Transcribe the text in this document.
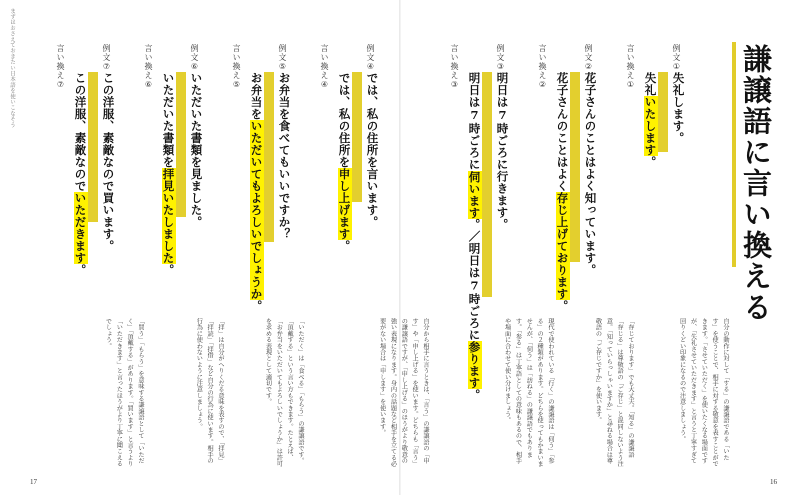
まずはおさえておきたい日本語を使いこなそう	謙譲語に言い換える
例文①
失礼します。
失礼いたします。
言い換え①
例文②
花子さんのことはよく知っています。
花子さんのことはよく存じ上げております。
言い換え②
例文③
明日は7時ごろに行きます。
明日は7時ごろに伺います。／明日は7時ごろに参ります。
言い換え③
例文④
では、私の住所を言います。
では、私の住所を申し上げます。
言い換え④
例文⑤
お弁当を食べてもいいですか？
お弁当をいただいてもよろしいでしょうか。
言い換え⑤
例文⑥
いただいた書類を見ました。
いただいた書類を拝見いたしました。
言い換え⑥
例文⑦
この洋服、素敵なので買います。
この洋服、素敵なのでいただきます。
言い換え⑦

自分の動作に対して「する」の謙譲語である「いたす」を使うことで、相手に対する敬意を表すことができます。「させていただく」を使いたくなる場面ですが、「失礼させていただきます」と言うと丁寧すぎて回りくどい印象になるので注意しましょう。

「存じております」でも大丈夫。「知る」の謙譲語「存じる」は尊敬語の「ご存じ」と混同しないよう注意。「知っていらっしゃいますか」と尋ねる場合は尊敬語の「ご存じですか」を使います。

現代で使われている「行く」の謙譲語は「伺う」「参る」の２種類があります。どちらを使ってもかまいませんが、「伺う」は「訪ねる」の謙譲語でもあります。「参る」は丁寧語としての意味もあるので、相手や場面に合わせて使い分けましょう。

自分から相手に言うときは、「言う」の謙譲語の「申す」や「申し上げる」を使います。どちらも「言う」の謙譲語ですが、「申し上げる」のほうがより敬意の強い表現になります。身内の話題など相手を立てる必要がない場合は「申します」を使います。

「いただく」は「食べる」「もらう」の謙譲語です。「頂戴する」という言い方もできます。たとえば、「お弁当をいただいてもよろしいでしょうか」は許可を求める表現として適切です。

「拝」は自分がへりくだる意味を表すので、「拝見」「拝読」「拝借」など自分の行為に使います。相手の行為に使わないように注意しましょう。

「買う」「もらう」を意味する謙譲語として「いただく」「頂戴する」があります。「買います」と言うより「いただきます」と言ったほうがより丁寧に聞こえるでしょう。

17	16
